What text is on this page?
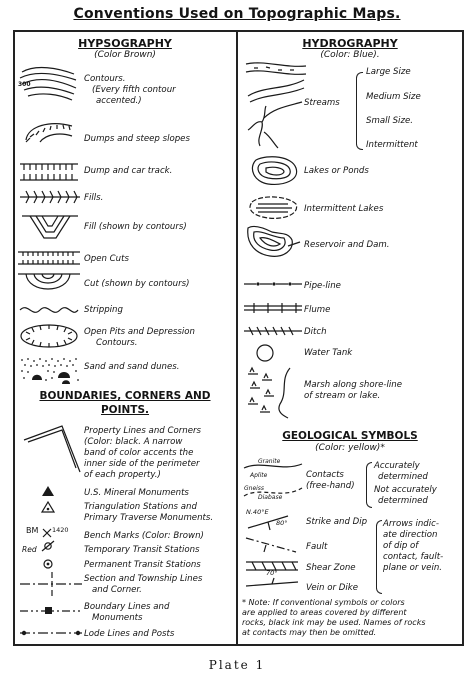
Conventions Used on Topographic Maps.
HYPSOGRAPHY
(Color Brown)
300
Contours.
(Every fifth contour
accented.)
Dumps and steep slopes
Dump and car track.
Fills.
Fill (shown by contours)
Open Cuts
Cut (shown by contours)
Stripping
Open Pits and Depression
Contours.
Sand and sand dunes.
BOUNDARIES, CORNERS AND
POINTS.
Property Lines and Corners
(Color: black. A narrow
band of color accents the
inner side of the perimeter
of each property.)
U.S. Mineral Monuments
Triangulation Stations and
Primary Traverse Monuments.
BM 1420
Bench Marks (Color: Brown)
Red	Temporary Transit Stations
Permanent Transit Stations
Section and Township Lines
and Corner.
Boundary Lines and
Monuments
Lode Lines and Posts
HYDROGRAPHY
(Color: Blue).
Streams
Large Size
Medium Size
Small Size.
Intermittent
Lakes or Ponds
Intermittent Lakes
Reservoir and Dam.
Pipe-line
Flume
Ditch
Water Tank
Marsh along shore-line
of stream or lake.
GEOLOGICAL SYMBOLS
(Color: yellow)*
Granite
Aplite
Gneiss
Diabase
Contacts
(free-hand)
Accurately
determined
Not accurately
determined
N.40°E
80° Strike and Dip
Fault
Shear Zone
70°
Vein or Dike
Arrows indic-
ate direction
of dip of
contact, fault-
plane or vein.
* Note: If conventional symbols or colors
are applied to areas covered by different
rocks, black ink may be used. Names of rocks
at contacts may then be omitted.
Plate 1
